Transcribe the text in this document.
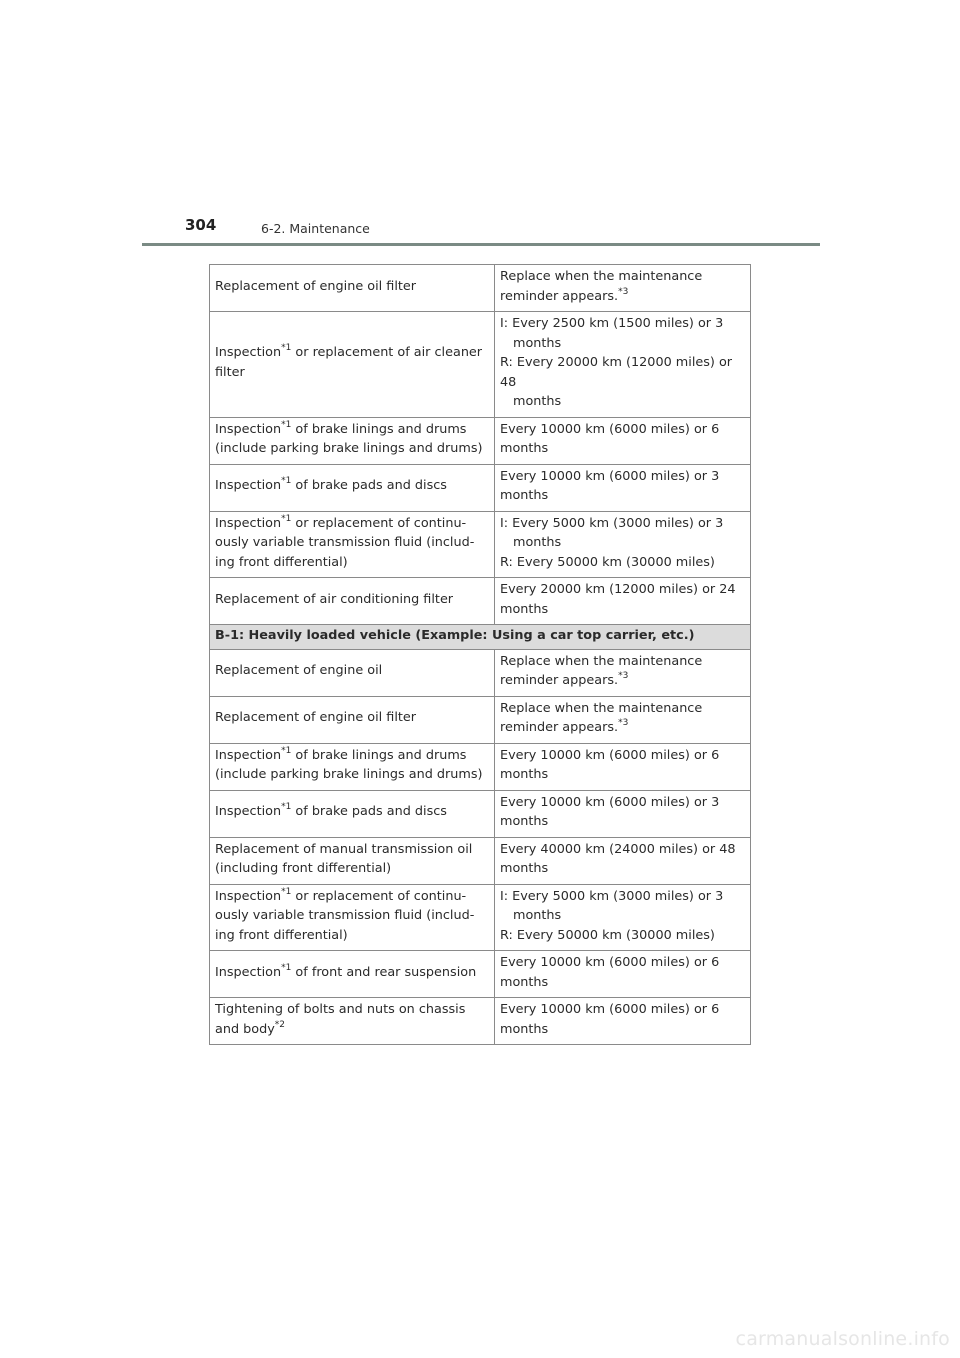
304	6-2. Maintenance
Replacement of engine oil filter	Replace when the maintenance
reminder appears.$^{*3}$

Inspection$^{*1}$ or replacement of air cleaner filter	I: Every 2500 km (1500 miles) or 3
months
R: Every 20000 km (12000 miles) or 48
months

Inspection$^{*1}$ of brake linings and drums (include parking brake linings and drums)	Every 10000 km (6000 miles) or 6 months
Inspection$^{*1}$ of brake pads and discs	Every 10000 km (6000 miles) or 3 months
Inspection$^{*1}$ or replacement of continu-ously variable transmission fluid (includ-ing front differential)	I: Every 5000 km (3000 miles) or 3
months
R: Every 50000 km (30000 miles)

Replacement of air conditioning filter	Every 20000 km (12000 miles) or 24 months
B-1: Heavily loaded vehicle (Example: Using a car top carrier, etc.)	
Replacement of engine oil	Replace when the maintenance
reminder appears.$^{*3}$

Replacement of engine oil filter	Replace when the maintenance
reminder appears.$^{*3}$

Inspection$^{*1}$ of brake linings and drums (include parking brake linings and drums)	Every 10000 km (6000 miles) or 6 months
Inspection$^{*1}$ of brake pads and discs	Every 10000 km (6000 miles) or 3 months
Replacement of manual transmission oil (including front differential)	Every 40000 km (24000 miles) or 48 months
Inspection$^{*1}$ or replacement of continu-ously variable transmission fluid (includ-ing front differential)	I: Every 5000 km (3000 miles) or 3
months
R: Every 50000 km (30000 miles)

Inspection$^{*1}$ of front and rear suspension	Every 10000 km (6000 miles) or 6 months
Tightening of bolts and nuts on chassis and body$^{*2}$	Every 10000 km (6000 miles) or 6 months
carmanualsonline.info
